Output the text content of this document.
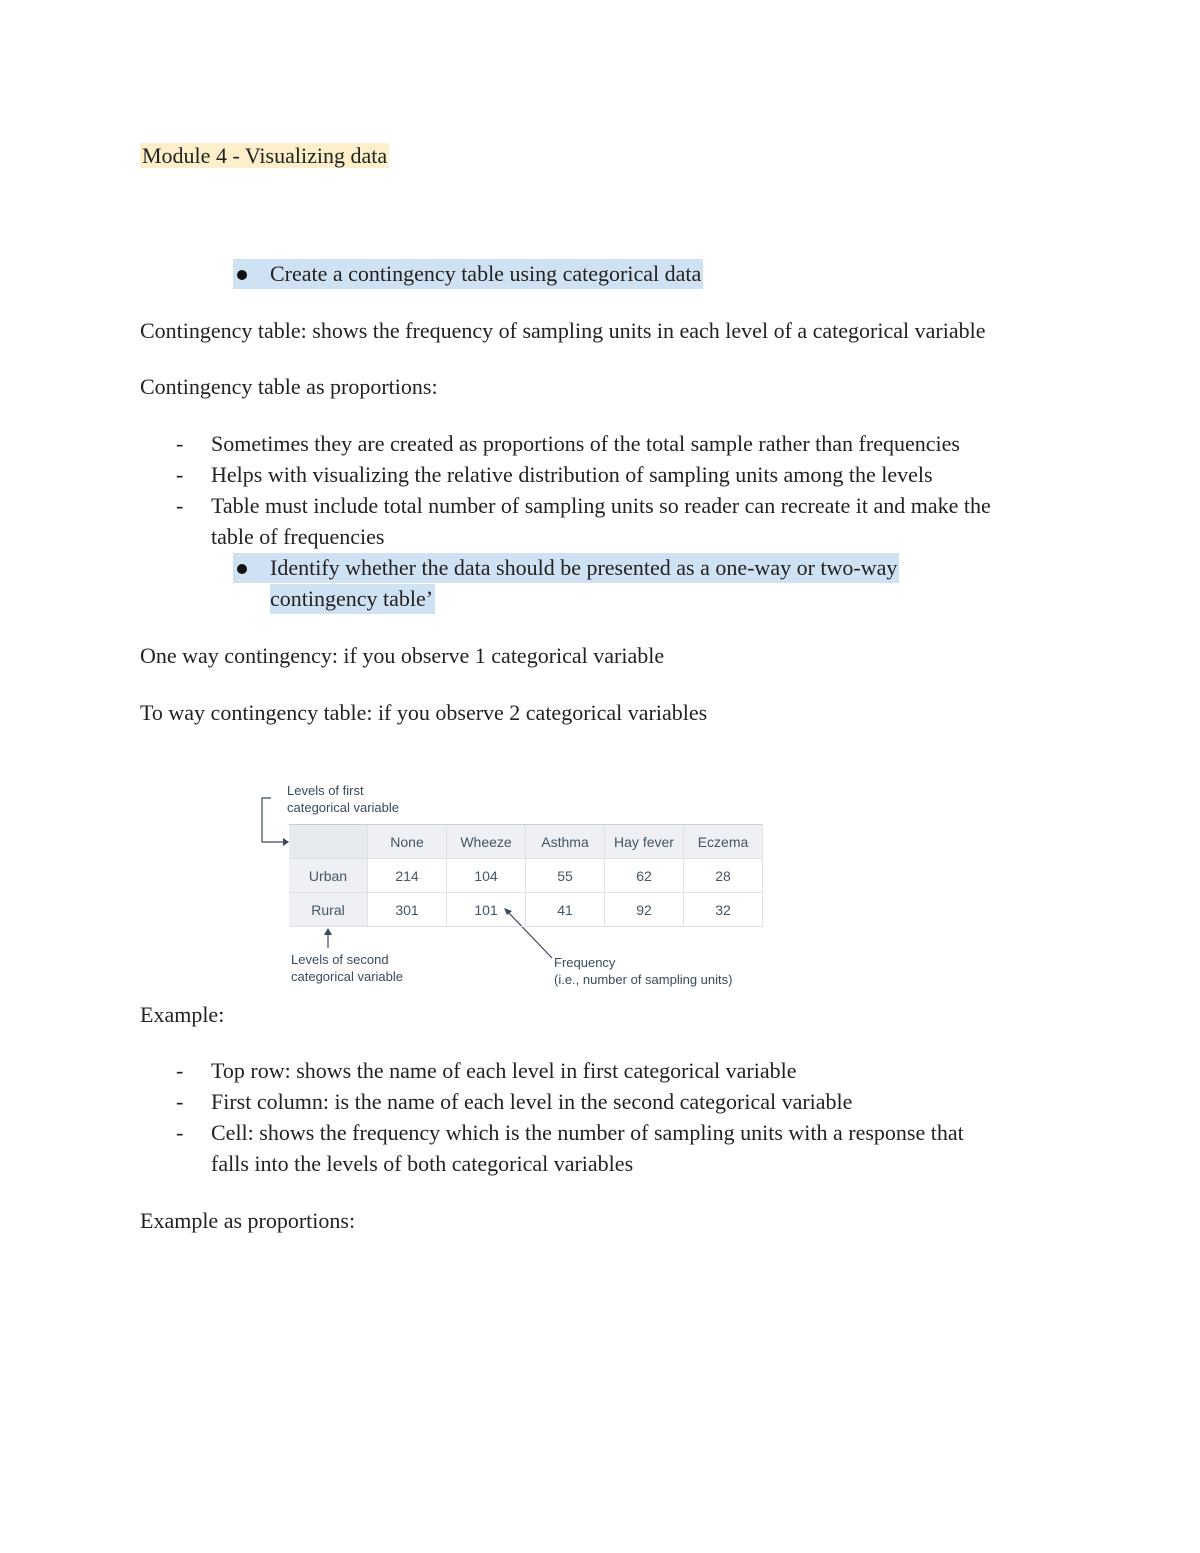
Module 4 - Visualizing data
Create a contingency table using categorical data
Contingency table: shows the frequency of sampling units in each level of a categorical variable
Contingency table as proportions:
- Sometimes they are created as proportions of the total sample rather than frequencies
- Helps with visualizing the relative distribution of sampling units among the levels
- Table must include total number of sampling units so reader can recreate it and make the
table of frequencies
Identify whether the data should be presented as a one-way or two-way
contingency table’
One way contingency: if you observe 1 categorical variable
To way contingency table: if you observe 2 categorical variables
Levels of first
categorical variable
	None	Wheeze	Asthma	Hay fever	Eczema
Urban	214	104	55	62	28
Rural	301	101	41	92	32
Levels of second
categorical variable
Frequency
(i.e., number of sampling units)
Example:
- Top row: shows the name of each level in first categorical variable
- First column: is the name of each level in the second categorical variable
- Cell: shows the frequency which is the number of sampling units with a response that
falls into the levels of both categorical variables
Example as proportions:
